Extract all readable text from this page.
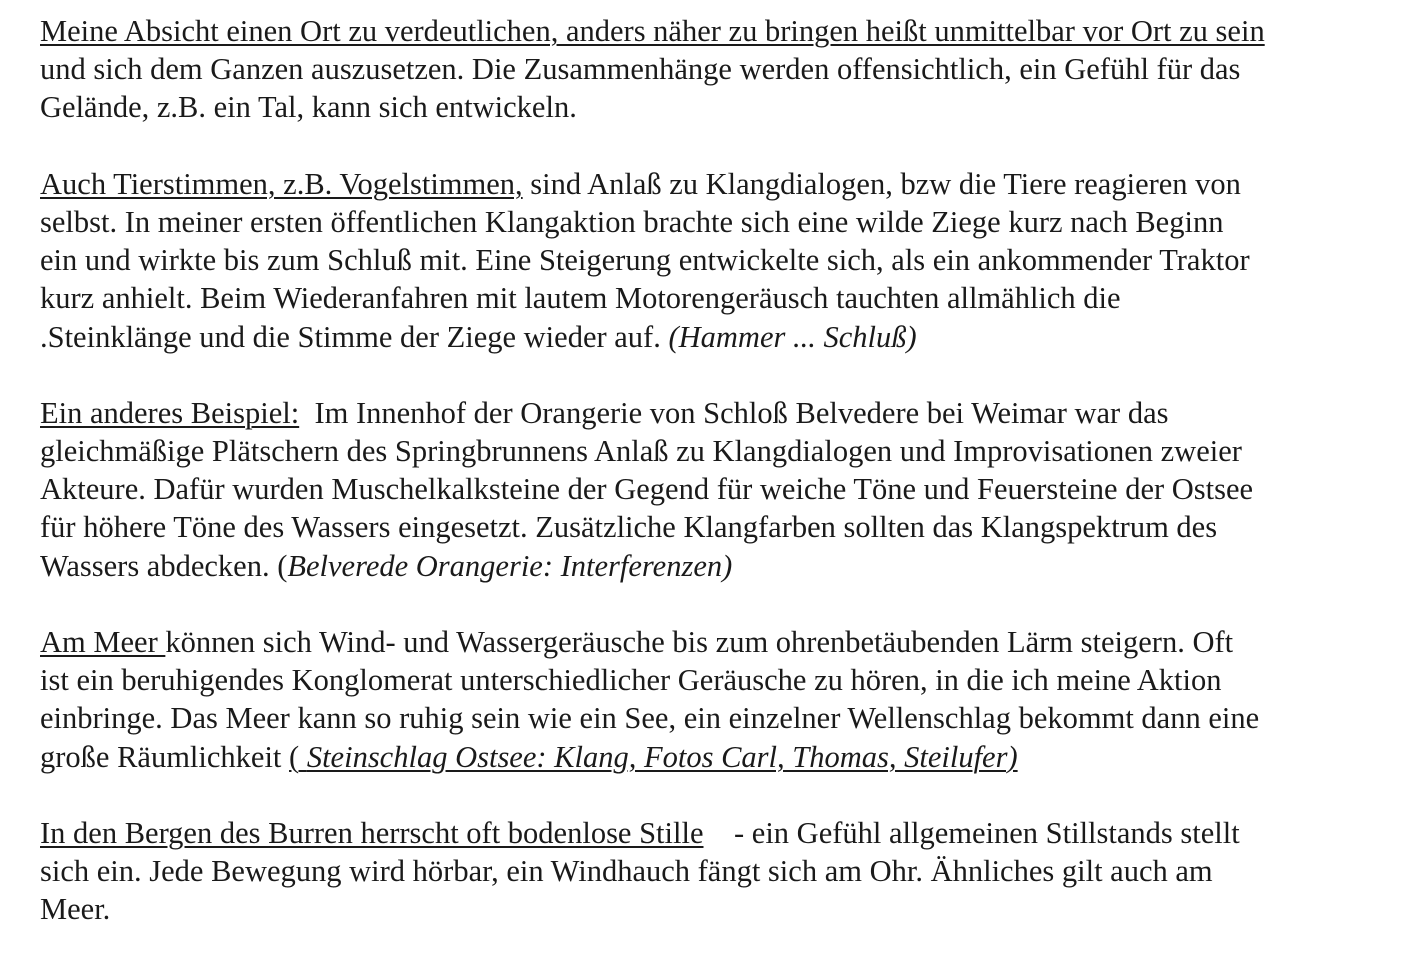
Meine Absicht einen Ort zu verdeutlichen, anders näher zu bringen heißt unmittelbar vor Ort zu sein
und sich dem Ganzen auszusetzen. Die Zusammenhänge werden offensichtlich, ein Gefühl für das
Gelände, z.B. ein Tal, kann sich entwickeln.
Auch Tierstimmen, z.B. Vogelstimmen, sind Anlaß zu Klangdialogen, bzw die Tiere reagieren von
selbst. In meiner ersten öffentlichen Klangaktion brachte sich eine wilde Ziege kurz nach Beginn
ein und wirkte bis zum Schluß mit. Eine Steigerung entwickelte sich, als ein ankommender Traktor
kurz anhielt. Beim Wiederanfahren mit lautem Motorengeräusch tauchten allmählich die
.Steinklänge und die Stimme der Ziege wieder auf. (Hammer ... Schluß)
Ein anderes Beispiel:  Im Innenhof der Orangerie von Schloß Belvedere bei Weimar war das
gleichmäßige Plätschern des Springbrunnens Anlaß zu Klangdialogen und Improvisationen zweier
Akteure. Dafür wurden Muschelkalksteine der Gegend für weiche Töne und Feuersteine der Ostsee
für höhere Töne des Wassers eingesetzt. Zusätzliche Klangfarben sollten das Klangspektrum des
Wassers abdecken. (Belverede Orangerie: Interferenzen)
Am Meer können sich Wind- und Wassergeräusche bis zum ohrenbetäubenden Lärm steigern. Oft
ist ein beruhigendes Konglomerat unterschiedlicher Geräusche zu hören, in die ich meine Aktion
einbringe. Das Meer kann so ruhig sein wie ein See, ein einzelner Wellenschlag bekommt dann eine
große Räumlichkeit ( Steinschlag Ostsee: Klang, Fotos Carl, Thomas, Steilufer)
In den Bergen des Burren herrscht oft bodenlose Stille    - ein Gefühl allgemeinen Stillstands stellt
sich ein. Jede Bewegung wird hörbar, ein Windhauch fängt sich am Ohr. Ähnliches gilt auch am
Meer.
